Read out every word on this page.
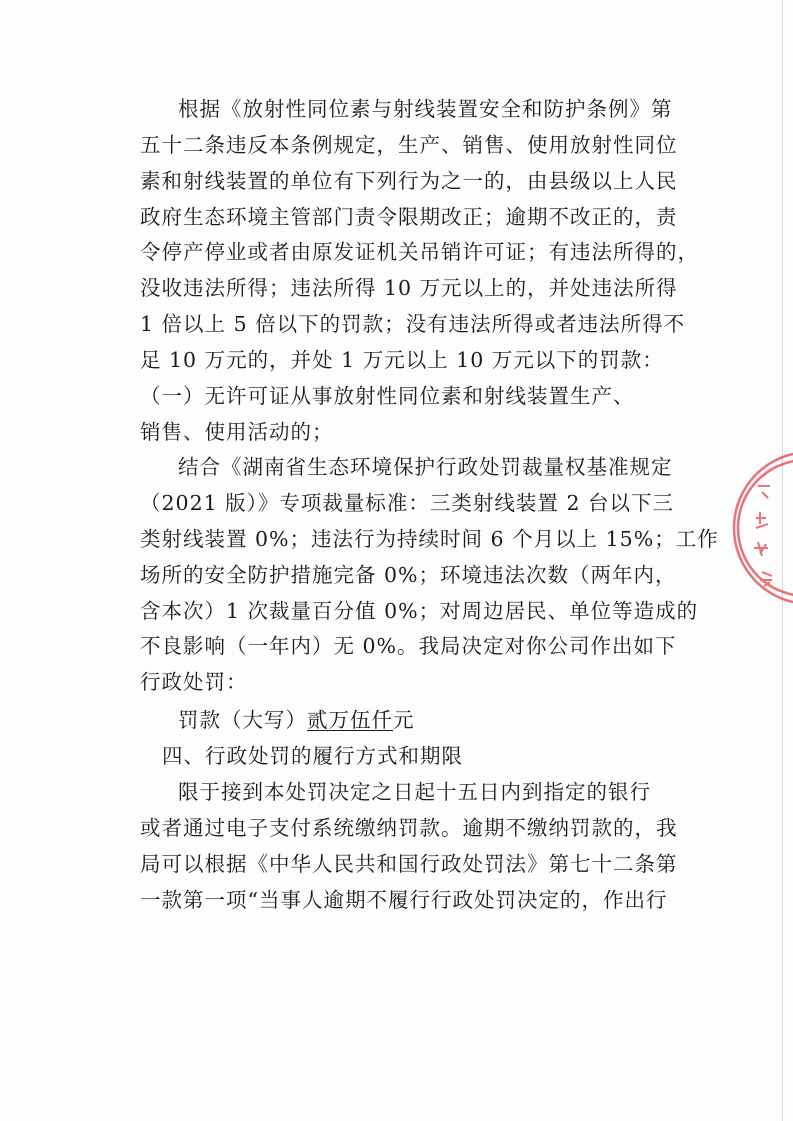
根据《放射性同位素与射线装置安全和防护条例》第
五十二条违反本条例规定，生产、销售、使用放射性同位
素和射线装置的单位有下列行为之一的，由县级以上人民
政府生态环境主管部门责令限期改正；逾期不改正的，责
令停产停业或者由原发证机关吊销许可证；有违法所得的，
没收违法所得；违法所得 10 万元以上的，并处违法所得
1 倍以上 5 倍以下的罚款；没有违法所得或者违法所得不
足 10 万元的，并处 1 万元以上 10 万元以下的罚款：
（一）无许可证从事放射性同位素和射线装置生产、
销售、使用活动的；
结合《湖南省生态环境保护行政处罚裁量权基准规定
（2021 版）》专项裁量标准：三类射线装置 2 台以下三
类射线装置 0%；违法行为持续时间 6 个月以上 15%；工作
场所的安全防护措施完备 0%；环境违法次数（两年内，
含本次）1 次裁量百分值 0%；对周边居民、单位等造成的
不良影响（一年内）无 0%。我局决定对你公司作出如下
行政处罚：
罚款（大写）贰万伍仟元
四、行政处罚的履行方式和期限
限于接到本处罚决定之日起十五日内到指定的银行
或者通过电子支付系统缴纳罚款。逾期不缴纳罚款的，我
局可以根据《中华人民共和国行政处罚法》第七十二条第
一款第一项“当事人逾期不履行行政处罚决定的，作出行
